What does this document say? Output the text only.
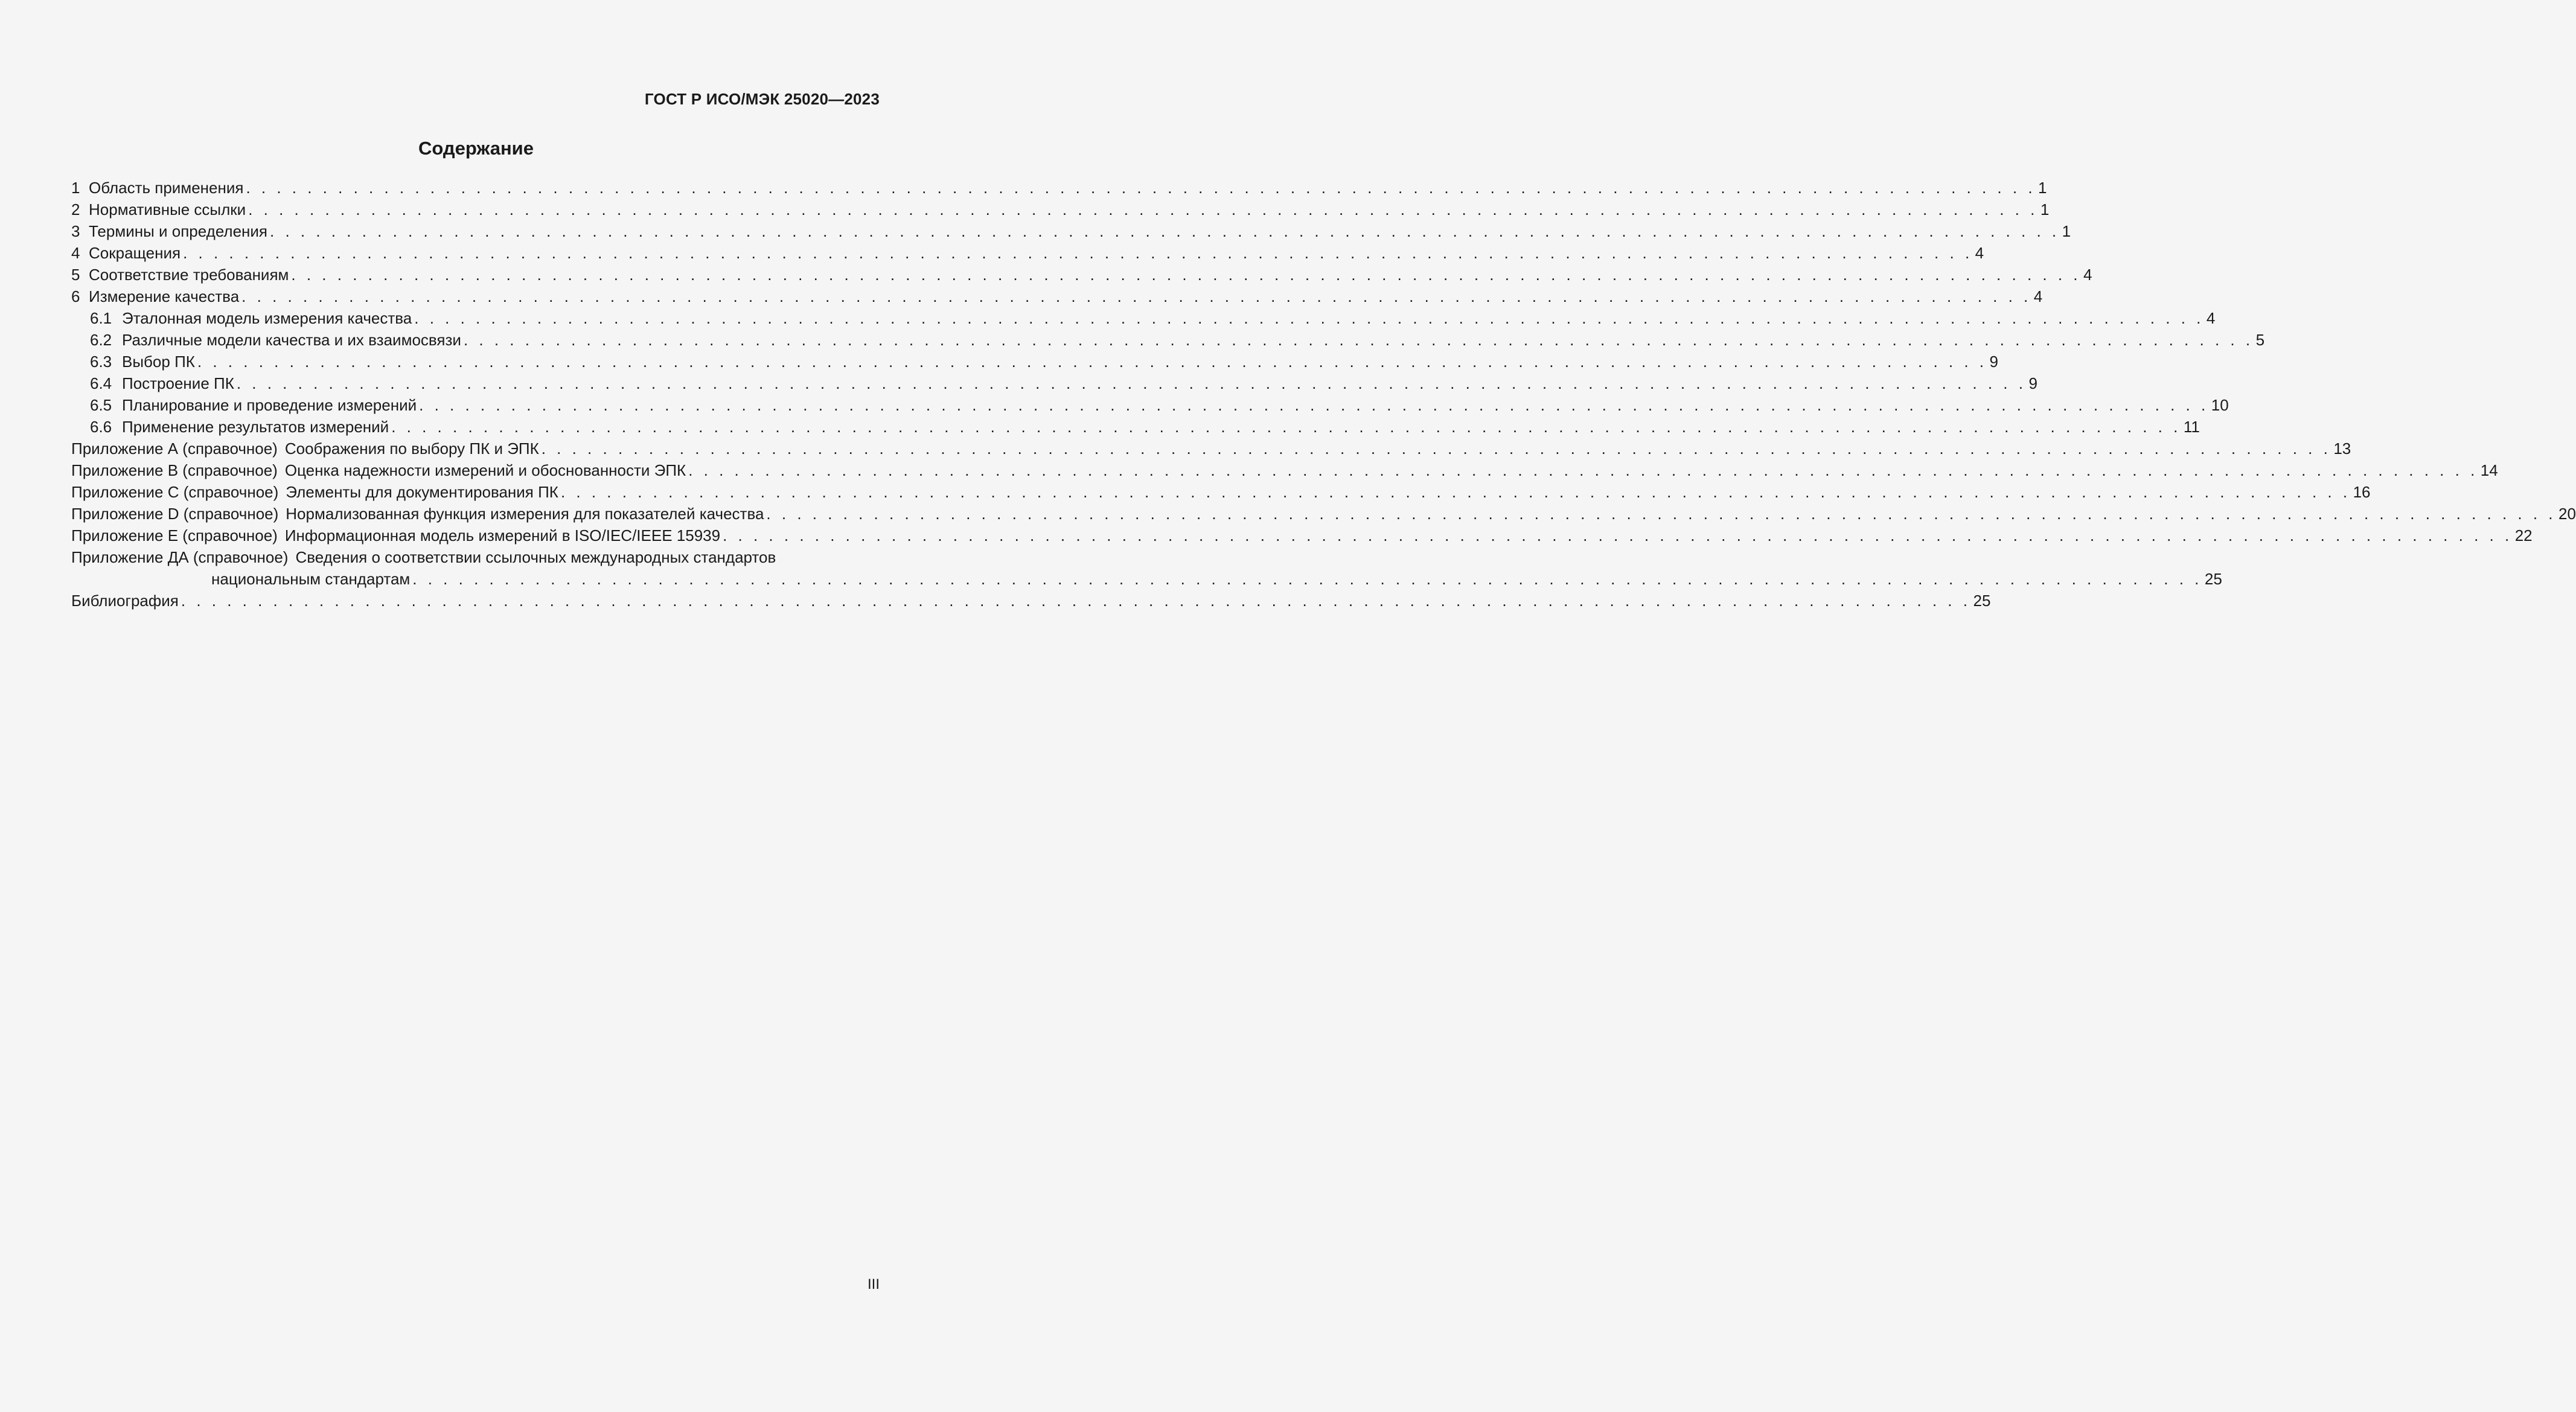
ГОСТ Р ИСО/МЭК 25020—2023
Содержание
1 Область применения . . . . . . . . . . . . . . . . . . . . . . . . . . . . . . . . . . . . . . . . . . . . . . . . . . . . . . . . . . . . . . . . . . . . . . . . . . . . . . . . . . . . . . . . . . . . . . . . . . . . . . . . . . . . . . . . . . . . . 1
2 Нормативные ссылки . . . . . . . . . . . . . . . . . . . . . . . . . . . . . . . . . . . . . . . . . . . . . . . . . . . . . . . . . . . . . . . . . . . . . . . . . . . . . . . . . . . . . . . . . . . . . . . . . . . . . . . . . . . . . . . . . . . . . 1
3 Термины и определения . . . . . . . . . . . . . . . . . . . . . . . . . . . . . . . . . . . . . . . . . . . . . . . . . . . . . . . . . . . . . . . . . . . . . . . . . . . . . . . . . . . . . . . . . . . . . . . . . . . . . . . . . . . . . . . . . . . . . 1
4 Сокращения . . . . . . . . . . . . . . . . . . . . . . . . . . . . . . . . . . . . . . . . . . . . . . . . . . . . . . . . . . . . . . . . . . . . . . . . . . . . . . . . . . . . . . . . . . . . . . . . . . . . . . . . . . . . . . . . . . . . . 4
5 Соответствие требованиям . . . . . . . . . . . . . . . . . . . . . . . . . . . . . . . . . . . . . . . . . . . . . . . . . . . . . . . . . . . . . . . . . . . . . . . . . . . . . . . . . . . . . . . . . . . . . . . . . . . . . . . . . . . . . . . . . . . . . 4
6 Измерение качества . . . . . . . . . . . . . . . . . . . . . . . . . . . . . . . . . . . . . . . . . . . . . . . . . . . . . . . . . . . . . . . . . . . . . . . . . . . . . . . . . . . . . . . . . . . . . . . . . . . . . . . . . . . . . . . . . . . . . 4
6.1 Эталонная модель измерения качества . . . . . . . . . . . . . . . . . . . . . . . . . . . . . . . . . . . . . . . . . . . . . . . . . . . . . . . . . . . . . . . . . . . . . . . . . . . . . . . . . . . . . . . . . . . . . . . . . . . . . . . . . . . . . . . . . . . . . 4
6.2 Различные модели качества и их взаимосвязи . . . . . . . . . . . . . . . . . . . . . . . . . . . . . . . . . . . . . . . . . . . . . . . . . . . . . . . . . . . . . . . . . . . . . . . . . . . . . . . . . . . . . . . . . . . . . . . . . . . . . . . . . . . . . . . . . . . . . 5
6.3 Выбор ПК . . . . . . . . . . . . . . . . . . . . . . . . . . . . . . . . . . . . . . . . . . . . . . . . . . . . . . . . . . . . . . . . . . . . . . . . . . . . . . . . . . . . . . . . . . . . . . . . . . . . . . . . . . . . . . . . . . . . . 9
6.4 Построение ПК . . . . . . . . . . . . . . . . . . . . . . . . . . . . . . . . . . . . . . . . . . . . . . . . . . . . . . . . . . . . . . . . . . . . . . . . . . . . . . . . . . . . . . . . . . . . . . . . . . . . . . . . . . . . . . . . . . . . . 9
6.5 Планирование и проведение измерений . . . . . . . . . . . . . . . . . . . . . . . . . . . . . . . . . . . . . . . . . . . . . . . . . . . . . . . . . . . . . . . . . . . . . . . . . . . . . . . . . . . . . . . . . . . . . . . . . . . . . . . . . . . . . . . . . . . . . 10
6.6 Применение результатов измерений . . . . . . . . . . . . . . . . . . . . . . . . . . . . . . . . . . . . . . . . . . . . . . . . . . . . . . . . . . . . . . . . . . . . . . . . . . . . . . . . . . . . . . . . . . . . . . . . . . . . . . . . . . . . . . . . . . . . . 11
Приложение А (справочное) Соображения по выбору ПК и ЭПК . . . . . . . . . . . . . . . . . . . . . . . . . . . . . . . . . . . . . . . . . . . . . . . . . . . . . . . . . . . . . . . . . . . . . . . . . . . . . . . . . . . . . . . . . . . . . . . . . . . . . . . . . . . . . . . . . . . . . 13
Приложение В (справочное) Оценка надежности измерений и обоснованности ЭПК . . . . . . . . . . . . . . . . . . . . . . . . . . . . . . . . . . . . . . . . . . . . . . . . . . . . . . . . . . . . . . . . . . . . . . . . . . . . . . . . . . . . . . . . . . . . . . . . . . . . . . . . . . . . . . . . . . . . . 14
Приложение С (справочное) Элементы для документирования ПК . . . . . . . . . . . . . . . . . . . . . . . . . . . . . . . . . . . . . . . . . . . . . . . . . . . . . . . . . . . . . . . . . . . . . . . . . . . . . . . . . . . . . . . . . . . . . . . . . . . . . . . . . . . . . . . . . . . . . 16
Приложение D (справочное) Нормализованная функция измерения для показателей качества . . . . . . . . . . . . . . . . . . . . . . . . . . . . . . . . . . . . . . . . . . . . . . . . . . . . . . . . . . . . . . . . . . . . . . . . . . . . . . . . . . . . . . . . . . . . . . . . . . . . . . . . . . . . . . . . . . . . . 20
Приложение Е (справочное) Информационная модель измерений в ISO/IEC/IEEE 15939 . . . . . . . . . . . . . . . . . . . . . . . . . . . . . . . . . . . . . . . . . . . . . . . . . . . . . . . . . . . . . . . . . . . . . . . . . . . . . . . . . . . . . . . . . . . . . . . . . . . . . . . . . . . . . . . . . . . . . 22
Приложение ДА (справочное) Сведения о соответствии ссылочных международных стандартов
национальным стандартам . . . . . . . . . . . . . . . . . . . . . . . . . . . . . . . . . . . . . . . . . . . . . . . . . . . . . . . . . . . . . . . . . . . . . . . . . . . . . . . . . . . . . . . . . . . . . . . . . . . . . . . . . . . . . . . . . . . . . 25
Библиография . . . . . . . . . . . . . . . . . . . . . . . . . . . . . . . . . . . . . . . . . . . . . . . . . . . . . . . . . . . . . . . . . . . . . . . . . . . . . . . . . . . . . . . . . . . . . . . . . . . . . . . . . . . . . . . . . . . . . 25
III
